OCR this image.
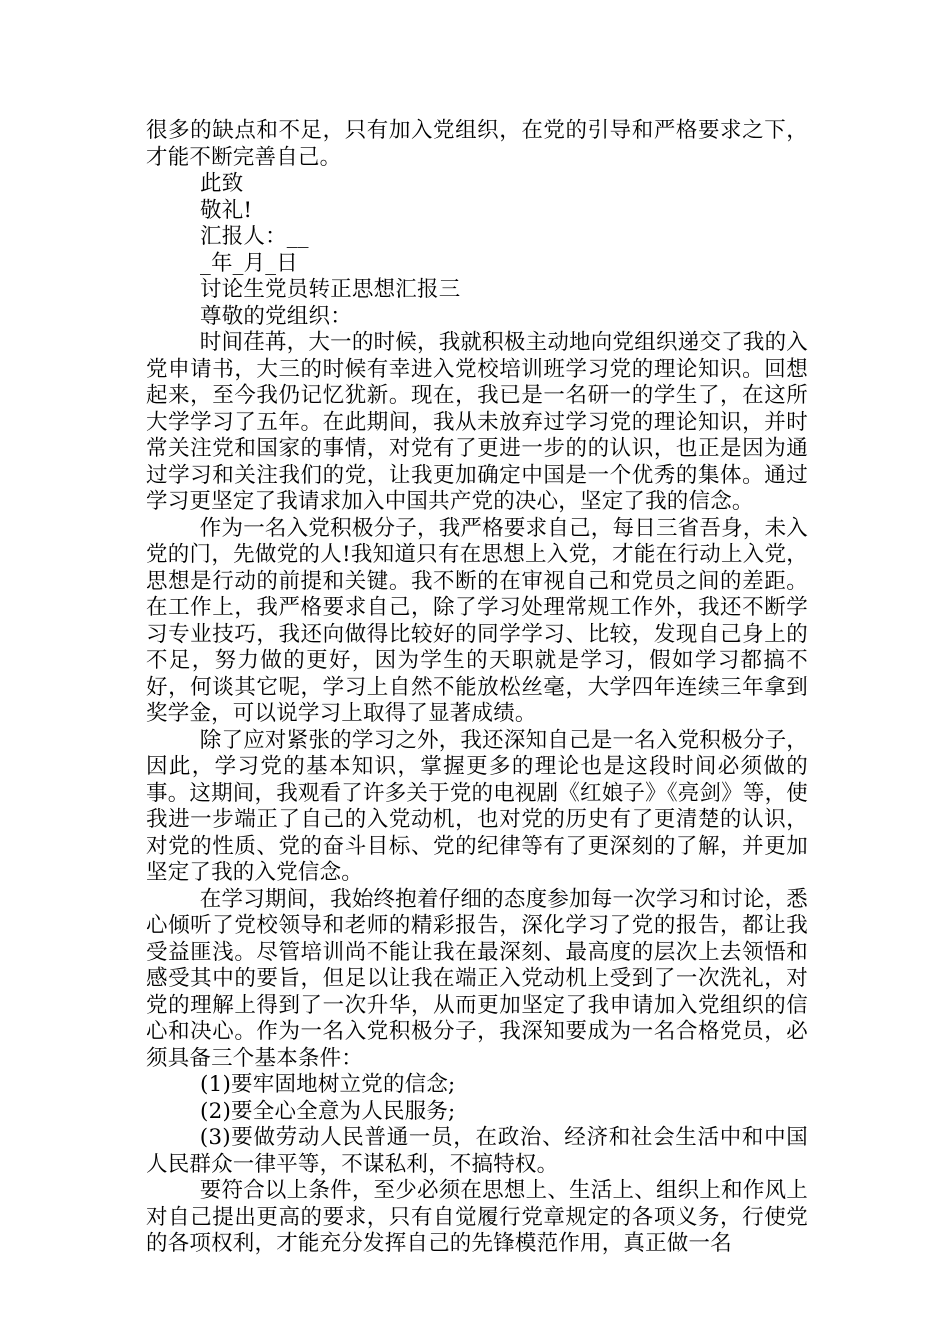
很多的缺点和不足，只有加入党组织，在党的引导和严格要求之下，才能不断完善自己。

此致
敬礼!
汇报人：__
_年_月_日
讨论生党员转正思想汇报三
尊敬的党组织：

时间荏苒，大一的时候，我就积极主动地向党组织递交了我的入党申请书，大三的时候有幸进入党校培训班学习党的理论知识。回想起来，至今我仍记忆犹新。现在，我已是一名研一的学生了，在这所大学学习了五年。在此期间，我从未放弃过学习党的理论知识，并时常关注党和国家的事情，对党有了更进一步的的认识，也正是因为通过学习和关注我们的党，让我更加确定中国是一个优秀的集体。通过学习更坚定了我请求加入中国共产党的决心，坚定了我的信念。

作为一名入党积极分子，我严格要求自己，每日三省吾身，未入党的门，先做党的人!我知道只有在思想上入党，才能在行动上入党，思想是行动的前提和关键。我不断的在审视自己和党员之间的差距。在工作上，我严格要求自己，除了学习处理常规工作外，我还不断学习专业技巧，我还向做得比较好的同学学习、比较，发现自己身上的不足，努力做的更好，因为学生的天职就是学习，假如学习都搞不好，何谈其它呢，学习上自然不能放松丝毫，大学四年连续三年拿到奖学金，可以说学习上取得了显著成绩。

除了应对紧张的学习之外，我还深知自己是一名入党积极分子，因此，学习党的基本知识，掌握更多的理论也是这段时间必须做的事。这期间，我观看了许多关于党的电视剧《红娘子》《亮剑》等，使我进一步端正了自己的入党动机，也对党的历史有了更清楚的认识，对党的性质、党的奋斗目标、党的纪律等有了更深刻的了解，并更加坚定了我的入党信念。

在学习期间，我始终抱着仔细的态度参加每一次学习和讨论，悉心倾听了党校领导和老师的精彩报告，深化学习了党的报告，都让我受益匪浅。尽管培训尚不能让我在最深刻、最高度的层次上去领悟和感受其中的要旨，但足以让我在端正入党动机上受到了一次洗礼，对党的理解上得到了一次升华，从而更加坚定了我申请加入党组织的信心和决心。作为一名入党积极分子，我深知要成为一名合格党员，必须具备三个基本条件：

(1)要牢固地树立党的信念;
(2)要全心全意为人民服务;

(3)要做劳动人民普通一员，在政治、经济和社会生活中和中国人民群众一律平等，不谋私利，不搞特权。

要符合以上条件，至少必须在思想上、生活上、组织上和作风上对自己提出更高的要求，只有自觉履行党章规定的各项义务，行使党的各项权利，才能充分发挥自己的先锋模范作用，真正做一名
